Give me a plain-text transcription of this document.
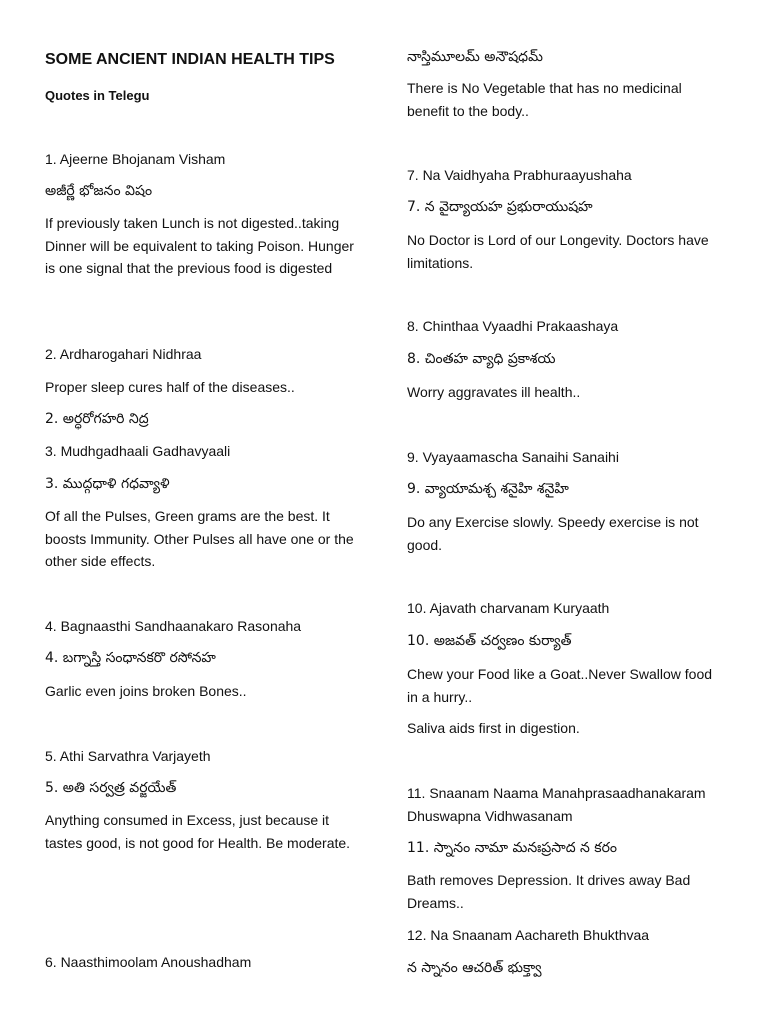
SOME ANCIENT INDIAN HEALTH TIPS
Quotes in Telegu
1. Ajeerne Bhojanam Visham
అజీర్ణే భోజనం విషం
If previously taken Lunch is not digested..taking Dinner will be equivalent to taking Poison. Hunger is one signal that the previous food is digested
2. Ardharogahari Nidhraa
Proper sleep cures half of the diseases..
2. అర్ధరోగహరి నిద్ర
3. Mudhgadhaali Gadhavyaali
3. ముద్గధాళి గధవ్యాళి
Of all the Pulses, Green grams are the best. It boosts Immunity. Other Pulses all have one or the other side effects.
4. Bagnaasthi Sandhaanakaro Rasonaha
4. బగ్నాస్తి సంధానకరొ రసోనహ
Garlic even joins broken Bones..
5. Athi Sarvathra Varjayeth
5. అతి సర్వత్ర వర్జయేత్
Anything consumed in Excess, just because it tastes good, is not good for Health. Be moderate.
6. Naasthimoolam Anoushadham
నాస్తిమూలమ్ అనౌషధమ్
There is No Vegetable that has no medicinal benefit to the body..
7. Na Vaidhyaha Prabhuraayushaha
7. న వైద్యాయహ ప్రభురాయుషహ
No Doctor is Lord of our Longevity. Doctors have limitations.
8. Chinthaa Vyaadhi Prakaashaya
8. చింతహ వ్యాధి ప్రకాశయ
Worry aggravates ill health..
9. Vyayaamascha Sanaihi Sanaihi
9. వ్యాయామశ్చ శనైహి శనైహి
Do any Exercise slowly. Speedy exercise is not good.
10. Ajavath charvanam Kuryaath
10. అజవత్ చర్వణం కుర్యాత్
Chew your Food like a Goat..Never Swallow food in a hurry..
Saliva aids first in digestion.
11. Snaanam Naama Manahprasaadhanakaram Dhuswapna Vidhwasanam
11. స్నానం నామా మనఃప్రసాద న కరం
Bath removes Depression. It drives away Bad Dreams..
12. Na Snaanam Aachareth Bhukthvaa
న స్నానం ఆచరిత్ భుక్త్వా
